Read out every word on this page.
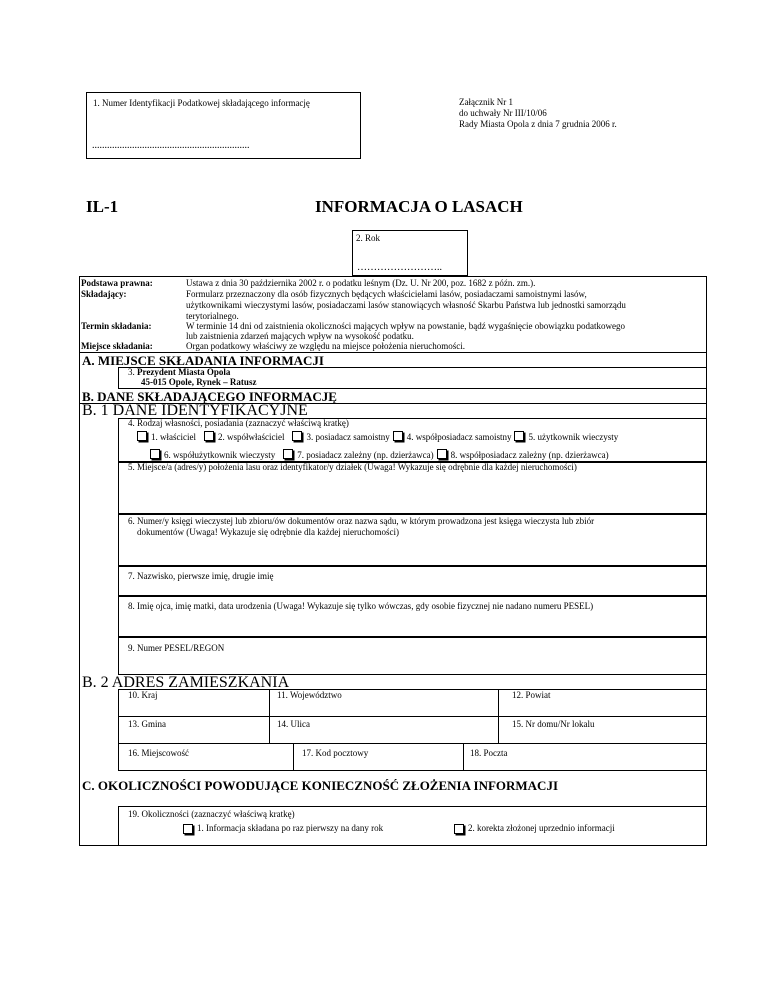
1. Numer Identyfikacji Podatkowej składającego informację
...............................................................
Załącznik Nr 1
do uchwały Nr III/10/06
Rady Miasta Opola z dnia 7 grudnia 2006 r.
IL-1	INFORMACJA O LASACH
2. Rok
……………………..
Podstawa prawna:	Ustawa z dnia 30 października 2002 r. o podatku leśnym (Dz. U. Nr 200, poz. 1682 z późn. zm.).
Składający:	Formularz przeznaczony dla osób fizycznych będących właścicielami lasów, posiadaczami samoistnymi lasów,
użytkownikami wieczystymi lasów, posiadaczami lasów stanowiących własność Skarbu Państwa lub jednostki samorządu
terytorialnego.
Termin składania:	W terminie 14 dni od zaistnienia okoliczności mających wpływ na powstanie, bądź wygaśnięcie obowiązku podatkowego
lub zaistnienia zdarzeń mających wpływ na wysokość podatku.
Miejsce składania:	Organ podatkowy właściwy ze względu na miejsce położenia nieruchomości.
A. MIEJSCE SKŁADANIA INFORMACJI
3. Prezydent Miasta Opola
45-015 Opole, Rynek – Ratusz
B. DANE SKŁADAJĄCEGO INFORMACJĘ
B. 1 DANE IDENTYFIKACYJNE
4. Rodzaj własności, posiadania (zaznaczyć właściwą kratkę)
1. właściciel	2. współwłaściciel	3. posiadacz samoistny	4. współposiadacz samoistny	5. użytkownik wieczysty
6. współużytkownik wieczysty	7. posiadacz zależny (np. dzierżawca)	8. współposiadacz zależny (np. dzierżawca)
5. Miejsce/a (adres/y) położenia lasu oraz identyfikator/y działek (Uwaga! Wykazuje się odrębnie dla każdej nieruchomości)
6. Numer/y księgi wieczystej lub zbioru/ów dokumentów oraz nazwa sądu, w którym prowadzona jest księga wieczysta lub zbiór
dokumentów (Uwaga! Wykazuje się odrębnie dla każdej nieruchomości)
7. Nazwisko, pierwsze imię, drugie imię
8. Imię ojca, imię matki, data urodzenia (Uwaga! Wykazuje się tylko wówczas, gdy osobie fizycznej nie nadano numeru PESEL)
9. Numer PESEL/REGON
B. 2 ADRES ZAMIESZKANIA
10. Kraj	11. Województwo	12. Powiat
13. Gmina	14. Ulica	15. Nr domu/Nr lokalu
16. Miejscowość	17. Kod pocztowy	18. Poczta
C. OKOLICZNOŚCI POWODUJĄCE KONIECZNOŚĆ ZŁOŻENIA INFORMACJI
19. Okoliczności (zaznaczyć właściwą kratkę)
1. Informacja składana po raz pierwszy na dany rok	2. korekta złożonej uprzednio informacji
